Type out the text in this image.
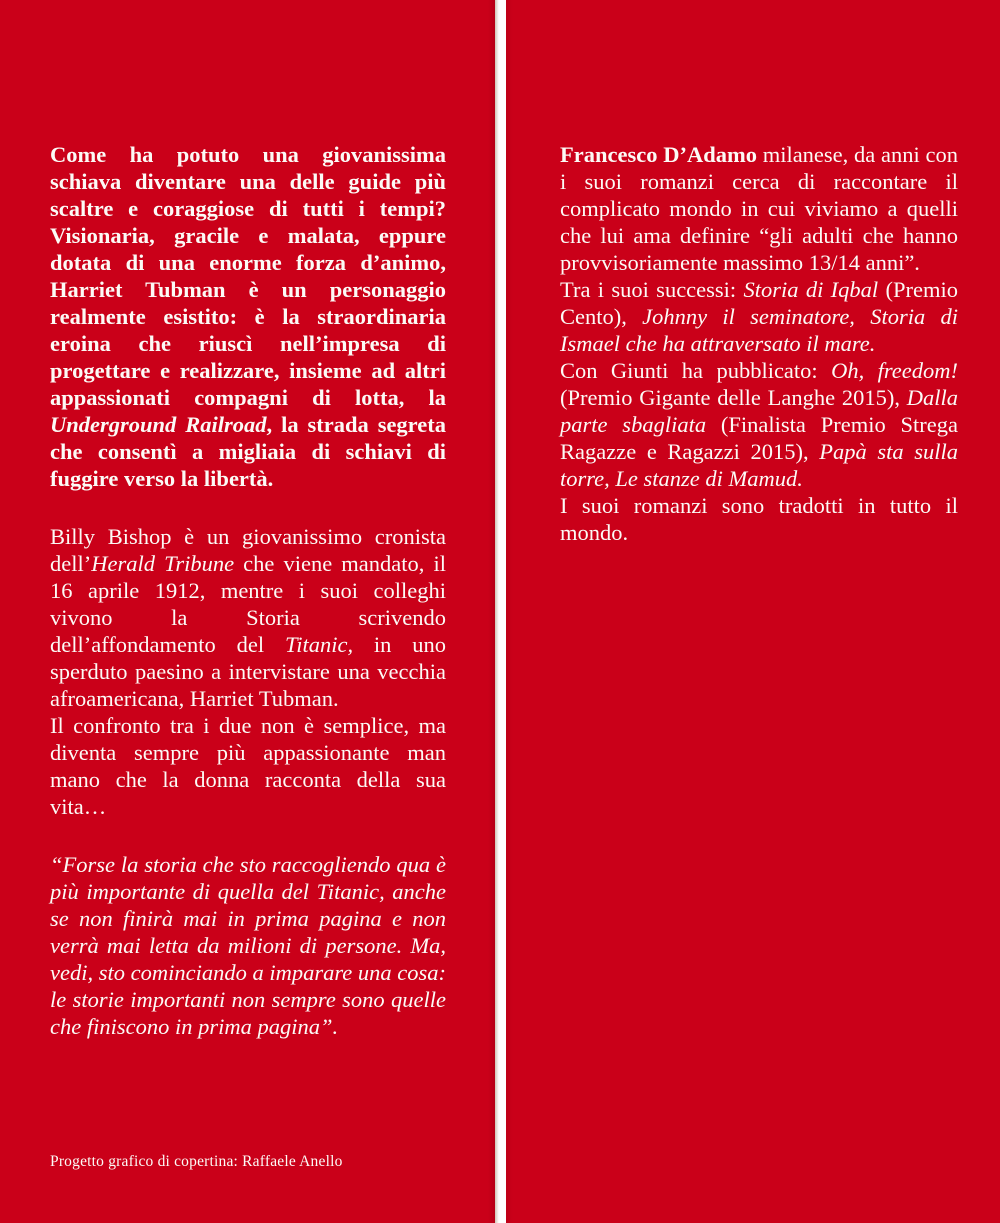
Come ha potuto una giovanissima schiava diventare una delle guide più scaltre e coraggiose di tutti i tempi? Visionaria, gracile e malata, eppure dotata di una enorme forza d’animo, Harriet Tubman è un personaggio realmente esistito: è la straordinaria eroina che riuscì nell’impresa di progettare e realizzare, insieme ad altri appassionati compagni di lotta, la Underground Railroad, la strada segreta che consentì a migliaia di schiavi di fuggire verso la libertà.

Billy Bishop è un giovanissimo cronista dell’Herald Tribune che viene mandato, il 16 aprile 1912, mentre i suoi colleghi vivono la Storia scrivendo dell’affondamento del Titanic, in uno sperduto paesino a intervistare una vecchia afroamericana, Harriet Tubman.

Il confronto tra i due non è semplice, ma diventa sempre più appassionante man mano che la donna racconta della sua vita…

“Forse la storia che sto raccogliendo qua è più importante di quella del Titanic, anche se non finirà mai in prima pagina e non verrà mai letta da milioni di persone. Ma, vedi, sto cominciando a imparare una cosa: le storie importanti non sempre sono quelle che finiscono in prima pagina”.

Progetto grafico di copertina: Raffaele Anello

Francesco D’Adamo milanese, da anni con i suoi romanzi cerca di raccontare il complicato mondo in cui viviamo a quelli che lui ama definire “gli adulti che hanno provvisoriamente massimo 13/14 anni”.

Tra i suoi successi: Storia di Iqbal (Premio Cento), Johnny il seminatore, Storia di Ismael che ha attraversato il mare.

Con Giunti ha pubblicato: Oh, freedom! (Premio Gigante delle Langhe 2015), Dalla parte sbagliata (Finalista Premio Strega Ragazze e Ragazzi 2015), Papà sta sulla torre, Le stanze di Mamud.

I suoi romanzi sono tradotti in tutto il mondo.
